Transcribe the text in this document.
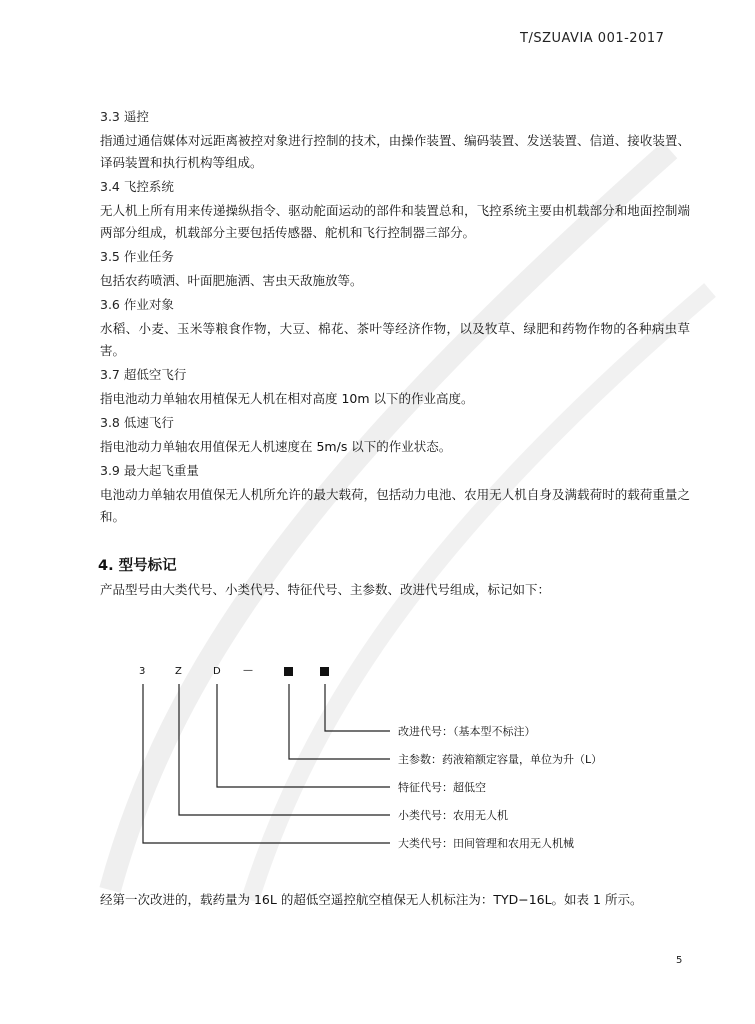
T/SZUAVIA 001-2017
3.3 遥控
指通过通信媒体对远距离被控对象进行控制的技术，由操作装置、编码装置、发送装置、信道、接收装置、译码装置和执行机构等组成。
3.4 飞控系统
无人机上所有用来传递操纵指令、驱动舵面运动的部件和装置总和，飞控系统主要由机载部分和地面控制端两部分组成，机载部分主要包括传感器、舵机和飞行控制器三部分。
3.5 作业任务
包括农药喷洒、叶面肥施洒、害虫天敌施放等。
3.6 作业对象
水稻、小麦、玉米等粮食作物，大豆、棉花、茶叶等经济作物，以及牧草、绿肥和药物作物的各种病虫草害。
3.7 超低空飞行
指电池动力单轴农用植保无人机在相对高度 10m 以下的作业高度。
3.8 低速飞行
指电池动力单轴农用值保无人机速度在 5m/s 以下的作业状态。
3.9 最大起飞重量
电池动力单轴农用值保无人机所允许的最大载荷，包括动力电池、农用无人机自身及满载荷时的载荷重量之和。
4. 型号标记
产品型号由大类代号、小类代号、特征代号、主参数、改进代号组成，标记如下：
3	Z	D —
改进代号：（基本型不标注）
主参数：药液箱额定容量，单位为升（L）
特征代号：超低空
小类代号：农用无人机
大类代号：田间管理和农用无人机械
经第一次改进的，载药量为 16L 的超低空遥控航空植保无人机标注为：TYD−16L。如表 1 所示。
5
